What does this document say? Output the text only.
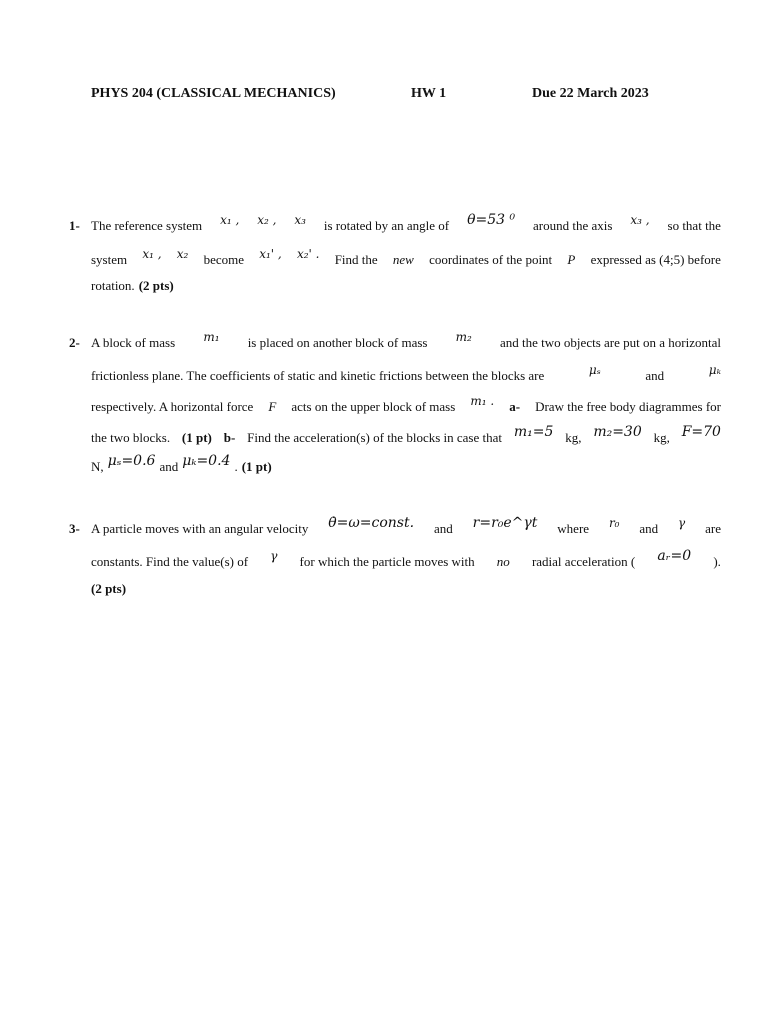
PHYS 204 (CLASSICAL MECHANICS)	HW 1	Due 22 March 2023
1- The reference system x₁ , x₂ , x₃ is rotated by an angle of θ=53 ⁰ around the axis x₃ , so that the
system x₁ , x₂ become x₁' , x₂' . Find the new coordinates of the point P expressed as (4;5) before
rotation. (2 pts)
2- A block of mass m₁ is placed on another block of mass m₂ and the two objects are put on a horizontal
frictionless plane. The coefficients of static and kinetic frictions between the blocks are	μₛ	and	μₖ
respectively. A horizontal force F acts on the upper block of mass m₁ . a- Draw the free body diagrammes for
the two blocks. (1 pt) b- Find the acceleration(s) of the blocks in case that m₁=5 kg, m₂=30 kg, F=70
N, μₛ=0.6 and μₖ=0.4 . (1 pt)
3- A particle moves with an angular velocity θ̇=ω=const. and r=r₀e^γt where r₀ and γ are
constants. Find the value(s) of γ for which the particle moves with no radial acceleration ( aᵣ=0 ).
(2 pts)
